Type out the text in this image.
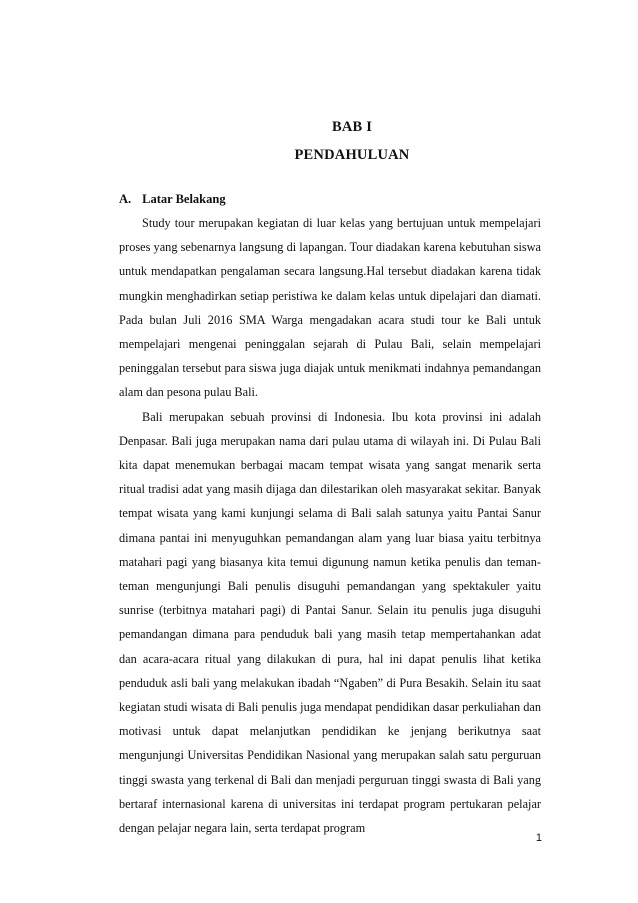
BAB I
PENDAHULUAN
A. Latar Belakang

Study tour merupakan kegiatan di luar kelas yang bertujuan untuk mempelajari proses yang sebenarnya langsung di lapangan. Tour diadakan karena kebutuhan siswa untuk mendapatkan pengalaman secara langsung.Hal tersebut diadakan karena tidak mungkin menghadirkan setiap peristiwa ke dalam kelas untuk dipelajari dan diamati. Pada bulan Juli 2016 SMA Warga mengadakan acara studi tour ke Bali untuk mempelajari mengenai peninggalan sejarah di Pulau Bali, selain mempelajari peninggalan tersebut para siswa juga diajak untuk menikmati indahnya pemandangan alam dan pesona pulau Bali.

Bali merupakan sebuah provinsi di Indonesia. Ibu kota provinsi ini adalah Denpasar. Bali juga merupakan nama dari pulau utama di wilayah ini. Di Pulau Bali kita dapat menemukan berbagai macam tempat wisata yang sangat menarik serta ritual tradisi adat yang masih dijaga dan dilestarikan oleh masyarakat sekitar. Banyak tempat wisata yang kami kunjungi selama di Bali salah satunya yaitu Pantai Sanur dimana pantai ini menyuguhkan pemandangan alam yang luar biasa yaitu terbitnya matahari pagi yang biasanya kita temui digunung namun ketika penulis dan teman-teman mengunjungi Bali penulis disuguhi pemandangan yang spektakuler yaitu sunrise (terbitnya matahari pagi) di Pantai Sanur. Selain itu penulis juga disuguhi pemandangan dimana para penduduk bali yang masih tetap mempertahankan adat dan acara-acara ritual yang dilakukan di pura, hal ini dapat penulis lihat ketika penduduk asli bali yang melakukan ibadah “Ngaben” di Pura Besakih. Selain itu saat kegiatan studi wisata di Bali penulis juga mendapat pendidikan dasar perkuliahan dan motivasi untuk dapat melanjutkan pendidikan ke jenjang berikutnya saat mengunjungi Universitas Pendidikan Nasional yang merupakan salah satu perguruan tinggi swasta yang terkenal di Bali dan menjadi perguruan tinggi swasta di Bali yang bertaraf internasional karena di universitas ini terdapat program pertukaran pelajar dengan pelajar negara lain, serta terdapat program

1
